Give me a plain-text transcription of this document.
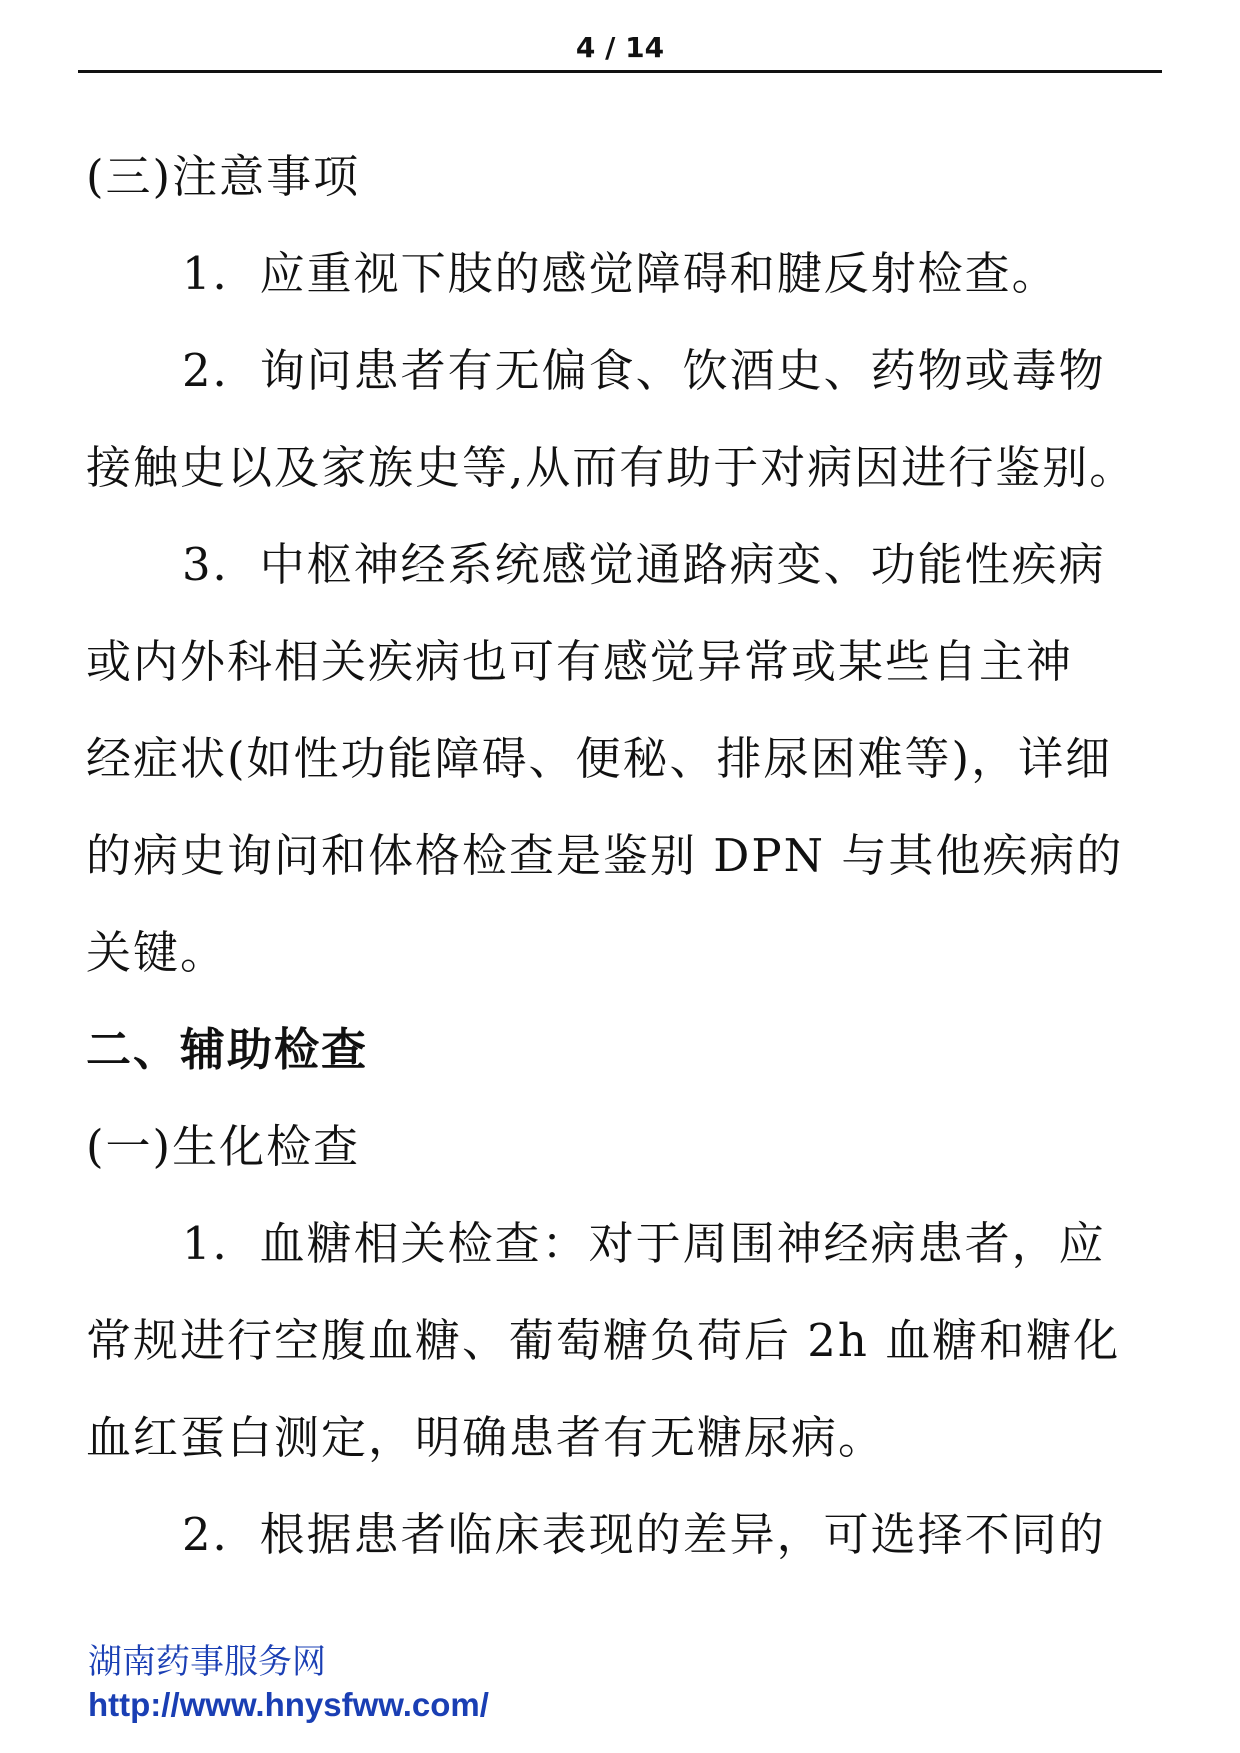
4 / 14
(三)注意事项
1．应重视下肢的感觉障碍和腱反射检查。
2．询问患者有无偏食、饮酒史、药物或毒物
接触史以及家族史等,从而有助于对病因进行鉴别。
3．中枢神经系统感觉通路病变、功能性疾病
或内外科相关疾病也可有感觉异常或某些自主神
经症状(如性功能障碍、便秘、排尿困难等)，详细
的病史询问和体格检查是鉴别 DPN 与其他疾病的
关键。
二、辅助检查
(一)生化检查
1．血糖相关检查：对于周围神经病患者，应
常规进行空腹血糖、葡萄糖负荷后 2h 血糖和糖化
血红蛋白测定，明确患者有无糖尿病。
2．根据患者临床表现的差异，可选择不同的
湖南药事服务网
http://www.hnysfww.com/
